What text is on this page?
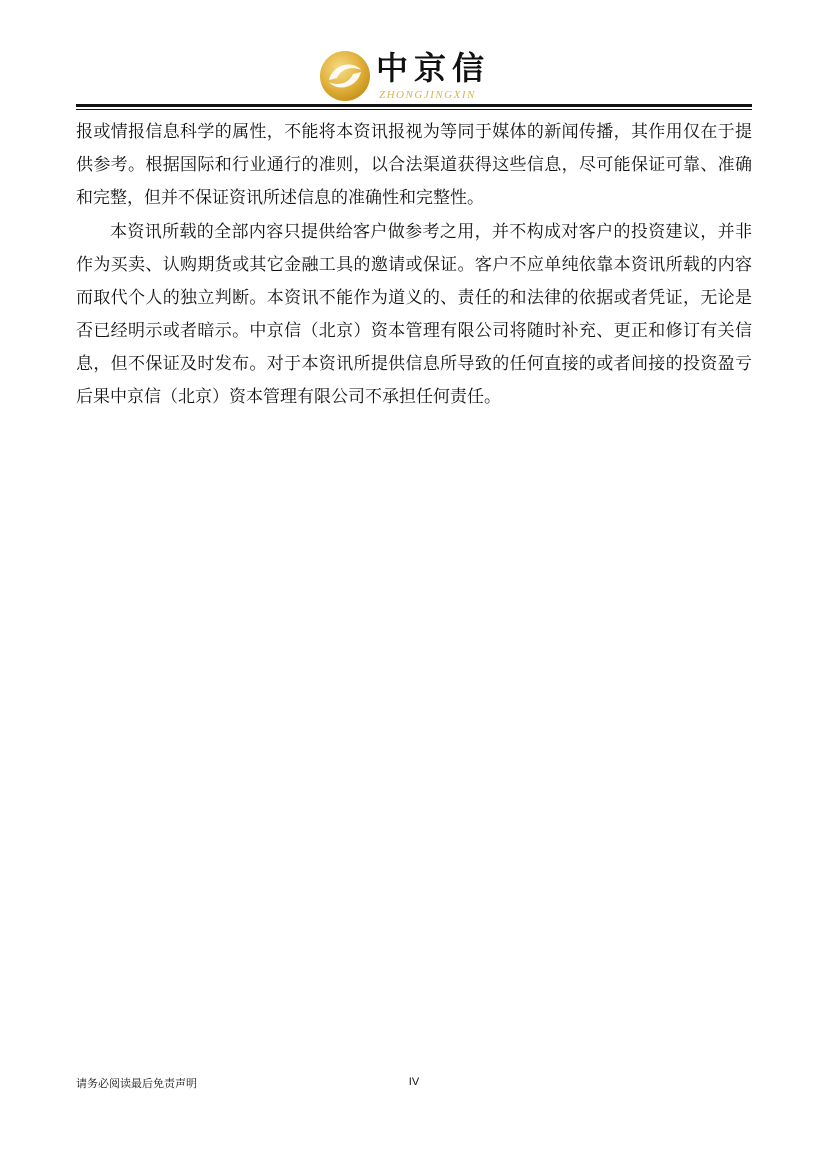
中京信
ZHONGJINGXIN

报或情报信息科学的属性，不能将本资讯报视为等同于媒体的新闻传播，其作用仅在于提供参考。根据国际和行业通行的准则，以合法渠道获得这些信息，尽可能保证可靠、准确和完整，但并不保证资讯所述信息的准确性和完整性。

本资讯所载的全部内容只提供给客户做参考之用，并不构成对客户的投资建议，并非作为买卖、认购期货或其它金融工具的邀请或保证。客户不应单纯依靠本资讯所载的内容而取代个人的独立判断。本资讯不能作为道义的、责任的和法律的依据或者凭证，无论是否已经明示或者暗示。中京信（北京）资本管理有限公司将随时补充、更正和修订有关信息，但不保证及时发布。对于本资讯所提供信息所导致的任何直接的或者间接的投资盈亏后果中京信（北京）资本管理有限公司不承担任何责任。

请务必阅读最后免责声明	IV
